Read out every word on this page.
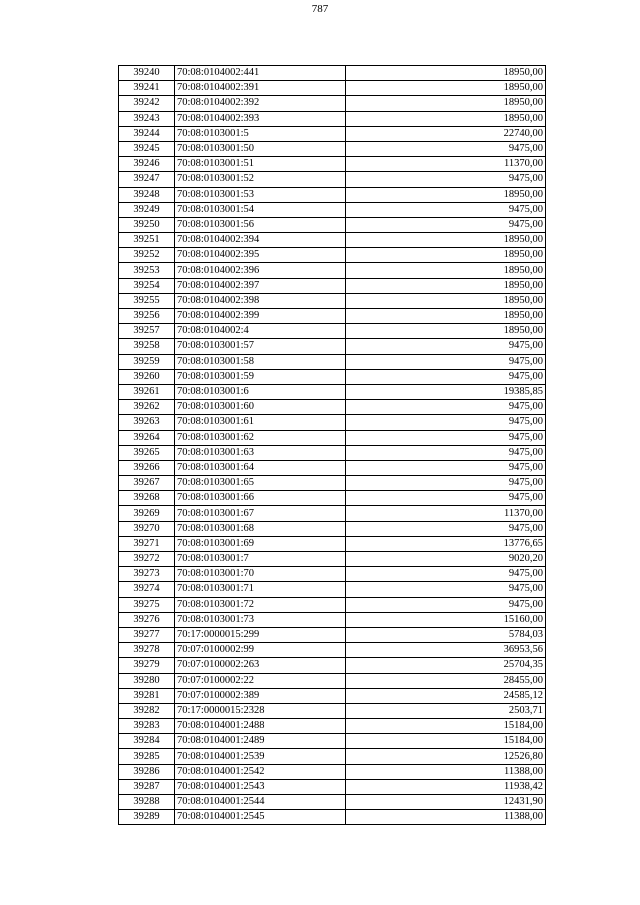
787
39240	70:08:0104002:441	18950,00
39241	70:08:0104002:391	18950,00
39242	70:08:0104002:392	18950,00
39243	70:08:0104002:393	18950,00
39244	70:08:0103001:5	22740,00
39245	70:08:0103001:50	9475,00
39246	70:08:0103001:51	11370,00
39247	70:08:0103001:52	9475,00
39248	70:08:0103001:53	18950,00
39249	70:08:0103001:54	9475,00
39250	70:08:0103001:56	9475,00
39251	70:08:0104002:394	18950,00
39252	70:08:0104002:395	18950,00
39253	70:08:0104002:396	18950,00
39254	70:08:0104002:397	18950,00
39255	70:08:0104002:398	18950,00
39256	70:08:0104002:399	18950,00
39257	70:08:0104002:4	18950,00
39258	70:08:0103001:57	9475,00
39259	70:08:0103001:58	9475,00
39260	70:08:0103001:59	9475,00
39261	70:08:0103001:6	19385,85
39262	70:08:0103001:60	9475,00
39263	70:08:0103001:61	9475,00
39264	70:08:0103001:62	9475,00
39265	70:08:0103001:63	9475,00
39266	70:08:0103001:64	9475,00
39267	70:08:0103001:65	9475,00
39268	70:08:0103001:66	9475,00
39269	70:08:0103001:67	11370,00
39270	70:08:0103001:68	9475,00
39271	70:08:0103001:69	13776,65
39272	70:08:0103001:7	9020,20
39273	70:08:0103001:70	9475,00
39274	70:08:0103001:71	9475,00
39275	70:08:0103001:72	9475,00
39276	70:08:0103001:73	15160,00
39277	70:17:0000015:299	5784,03
39278	70:07:0100002:99	36953,56
39279	70:07:0100002:263	25704,35
39280	70:07:0100002:22	28455,00
39281	70:07:0100002:389	24585,12
39282	70:17:0000015:2328	2503,71
39283	70:08:0104001:2488	15184,00
39284	70:08:0104001:2489	15184,00
39285	70:08:0104001:2539	12526,80
39286	70:08:0104001:2542	11388,00
39287	70:08:0104001:2543	11938,42
39288	70:08:0104001:2544	12431,90
39289	70:08:0104001:2545	11388,00
